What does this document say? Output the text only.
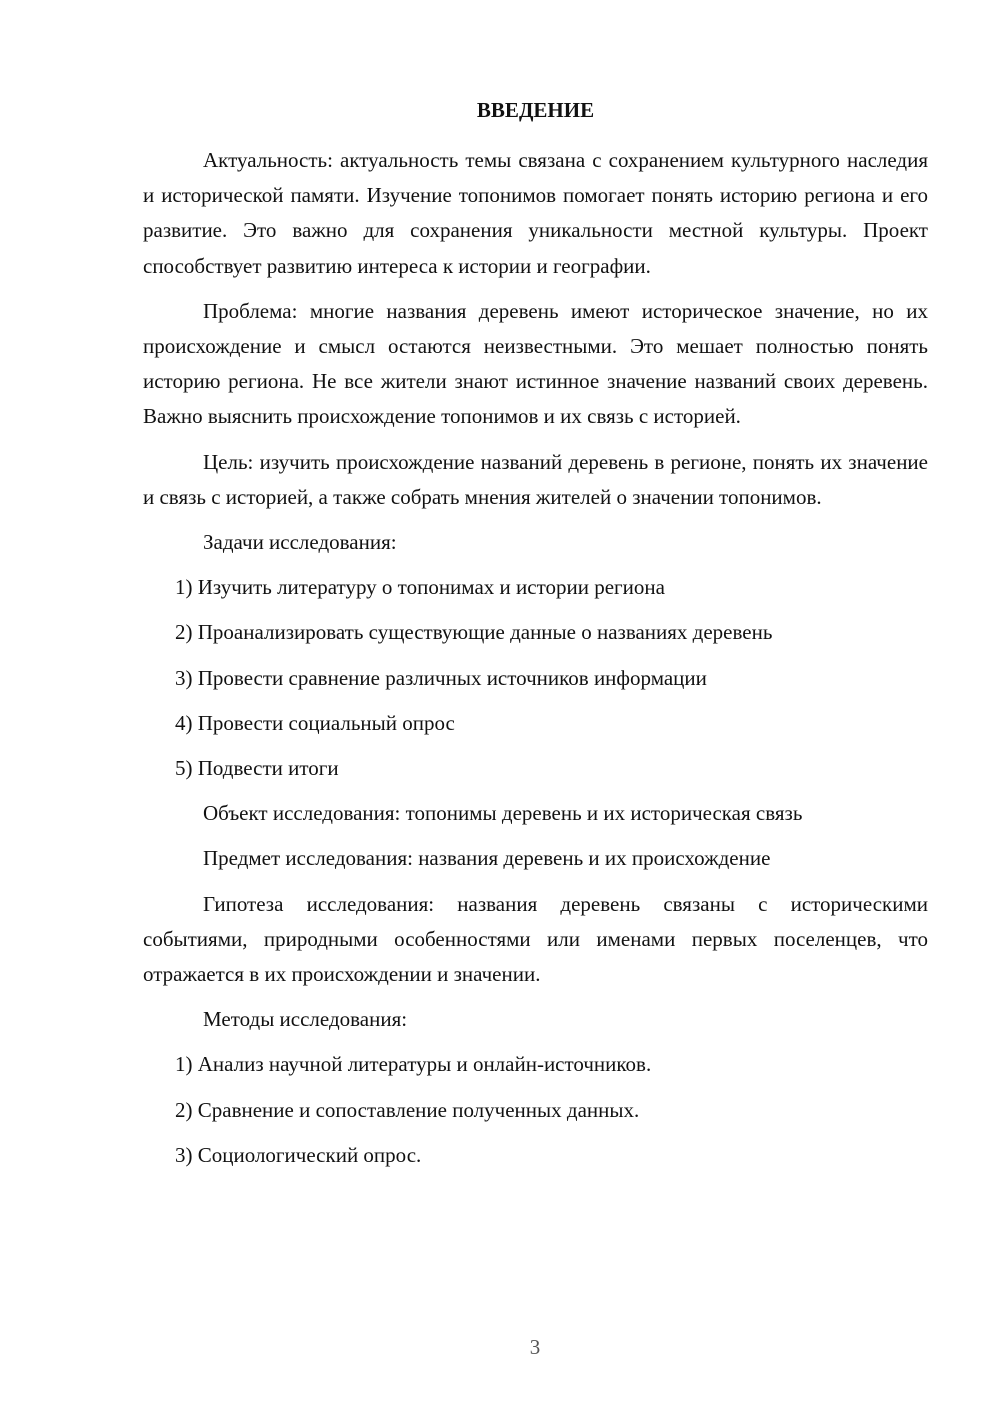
ВВЕДЕНИЕ

Актуальность: актуальность темы связана с сохранением культурного наследия и исторической памяти. Изучение топонимов помогает понять историю региона и его развитие. Это важно для сохранения уникальности местной культуры. Проект способствует развитию интереса к истории и географии.

Проблема: многие названия деревень имеют историческое значение, но их происхождение и смысл остаются неизвестными. Это мешает полностью понять историю региона. Не все жители знают истинное значение названий своих деревень. Важно выяснить происхождение топонимов и их связь с историей.

Цель: изучить происхождение названий деревень в регионе, понять их значение и связь с историей, а также собрать мнения жителей о значении топонимов.

Задачи исследования:

1) Изучить литературу о топонимах и истории региона
2) Проанализировать существующие данные о названиях деревень
3) Провести сравнение различных источников информации
4) Провести социальный опрос
5) Подвести итоги

Объект исследования: топонимы деревень и их историческая связь

Предмет исследования: названия деревень и их происхождение

Гипотеза исследования: названия деревень связаны с историческими событиями, природными особенностями или именами первых поселенцев, что отражается в их происхождении и значении.

Методы исследования:

1) Анализ научной литературы и онлайн-источников.
2) Сравнение и сопоставление полученных данных.
3) Социологический опрос.
3
